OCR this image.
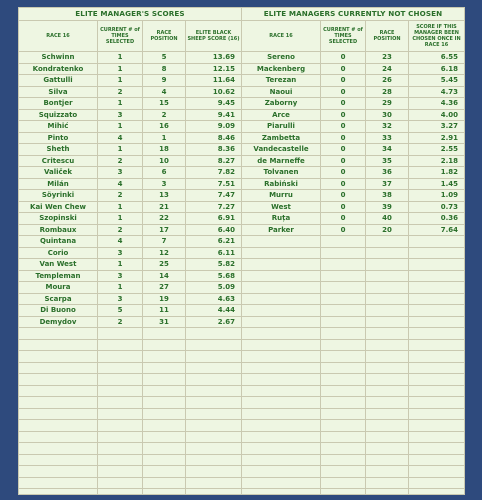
ELITE MANAGER'S SCORES
RACE 16	CURRENT # of TIMES SELECTED	RACE POSITION	ELITE BLACK SHEEP SCORE (16)
Schwinn	1	5	13.69
Kondratenko	1	8	12.15
Gattulli	1	9	11.64
Silva	2	4	10.62
Bontjer	1	15	9.45
Squizzato	3	2	9.41
Mihić	1	16	9.09
Pinto	4	1	8.46
Sheth	1	18	8.36
Critescu	2	10	8.27
Valiček	3	6	7.82
Milán	4	3	7.51
Söyrinki	2	13	7.47
Kai Wen Chew	1	21	7.27
Szopinski	1	22	6.91
Rombaux	2	17	6.40
Quintana	4	7	6.21
Corio	3	12	6.11
Van West	1	25	5.82
Templeman	3	14	5.68
Moura	1	27	5.09
Scarpa	3	19	4.63
Di Buono	5	11	4.44
Demydov	2	31	2.67

ELITE MANAGERS CURRENTLY NOT CHOSEN
RACE 16	CURRENT # of TIMES SELECTED	RACE POSITION	SCORE IF THIS MANAGER BEEN CHOSEN ONCE IN RACE 16
Sereno	0	23	6.55
Mackenberg	0	24	6.18
Terezan	0	26	5.45
Naoui	0	28	4.73
Zaborny	0	29	4.36
Arce	0	30	4.00
Piarulli	0	32	3.27
Zambetta	0	33	2.91
Vandecastelle	0	34	2.55
de Marneffe	0	35	2.18
Tolvanen	0	36	1.82
Rabiński	0	37	1.45
Murru	0	38	1.09
West	0	39	0.73
Ruța	0	40	0.36
Parker	0	20	7.64
